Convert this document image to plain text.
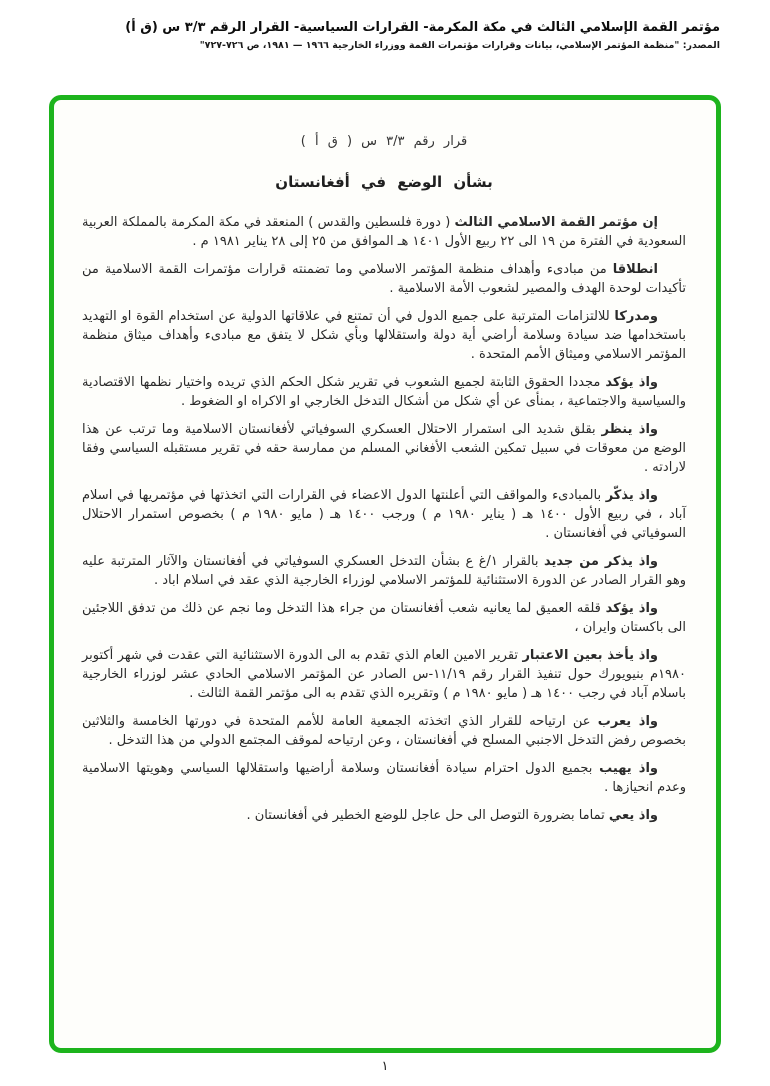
مؤتمر القمة الإسلامي الثالث في مكة المكرمة- القرارات السياسية- القرار الرقم ٣/٣ س (ق أ)
المصدر: "منظمة المؤتمر الإسلامي، بيانات وقرارات مؤتمرات القمة ووزراء الخارجية ١٩٦٦ — ١٩٨١، ص ٧٢٦-٧٢٧"
قرار رقم ٣/٣ س ( ق أ )
بشأن الوضع في أفغانستان

إن مؤتمر القمة الاسلامي الثالث ( دورة فلسطين والقدس ) المنعقد في مكة المكرمة بالمملكة العربية السعودية في الفترة من ١٩ الى ٢٢ ربيع الأول ١٤٠١ هـ الموافق من ٢٥ إلى ٢٨ يناير ١٩٨١ م .

انطلاقا من مبادىء وأهداف منظمة المؤتمر الاسلامي وما تضمنته قرارات مؤتمرات القمة الاسلامية من تأكيدات لوحدة الهدف والمصير لشعوب الأمة الاسلامية .

ومدركا للالتزامات المترتبة على جميع الدول في أن تمتنع في علاقاتها الدولية عن استخدام القوة او التهديد باستخدامها ضد سيادة وسلامة أراضي أية دولة واستقلالها وبأي شكل لا يتفق مع مبادىء وأهداف ميثاق منظمة المؤتمر الاسلامي وميثاق الأمم المتحدة .

واذ يؤكد مجددا الحقوق الثابتة لجميع الشعوب في تقرير شكل الحكم الذي تريده واختيار نظمها الاقتصادية والسياسية والاجتماعية ، بمنأى عن أي شكل من أشكال التدخل الخارجي او الاكراه او الضغوط .

واذ ينظر بقلق شديد الى استمرار الاحتلال العسكري السوفياتي لأفغانستان الاسلامية وما ترتب عن هذا الوضع من معوقات في سبيل تمكين الشعب الأفغاني المسلم من ممارسة حقه في تقرير مستقبله السياسي وفقا لارادته .

واذ يذكّر بالمبادىء والمواقف التي أعلنتها الدول الاعضاء في القرارات التي اتخذتها في مؤتمريها في اسلام آباد ، في ربيع الأول ١٤٠٠ هـ ( يناير ١٩٨٠ م ) ورجب ١٤٠٠ هـ ( مايو ١٩٨٠ م ) بخصوص استمرار الاحتلال السوفياتي في أفغانستان .

واذ يذكر من جديد بالقرار ١/غ ع بشأن التدخل العسكري السوفياتي في أفغانستان والآثار المترتبة عليه وهو القرار الصادر عن الدورة الاستثنائية للمؤتمر الاسلامي لوزراء الخارجية الذي عقد في اسلام اباد .

واذ يؤكد قلقه العميق لما يعانيه شعب أفغانستان من جراء هذا التدخل وما نجم عن ذلك من تدفق اللاجئين الى باكستان وايران ،

واذ يأخذ بعين الاعتبار تقرير الامين العام الذي تقدم به الى الدورة الاستثنائية التي عقدت في شهر أكتوبر ١٩٨٠م بنيويورك حول تنفيذ القرار رقم ١١/١٩-س الصادر عن المؤتمر الاسلامي الحادي عشر لوزراء الخارجية باسلام آباد في رجب ١٤٠٠ هـ ( مايو ١٩٨٠ م ) وتقريره الذي تقدم به الى مؤتمر القمة الثالث .

واذ يعرب عن ارتياحه للقرار الذي اتخذته الجمعية العامة للأمم المتحدة في دورتها الخامسة والثلاثين بخصوص رفض التدخل الاجنبي المسلح في أفغانستان ، وعن ارتياحه لموقف المجتمع الدولي من هذا التدخل .

واذ يهيب بجميع الدول احترام سيادة أفغانستان وسلامة أراضيها واستقلالها السياسي وهويتها الاسلامية وعدم انحيازها .

واذ يعي تماما بضرورة التوصل الى حل عاجل للوضع الخطير في أفغانستان .

١
